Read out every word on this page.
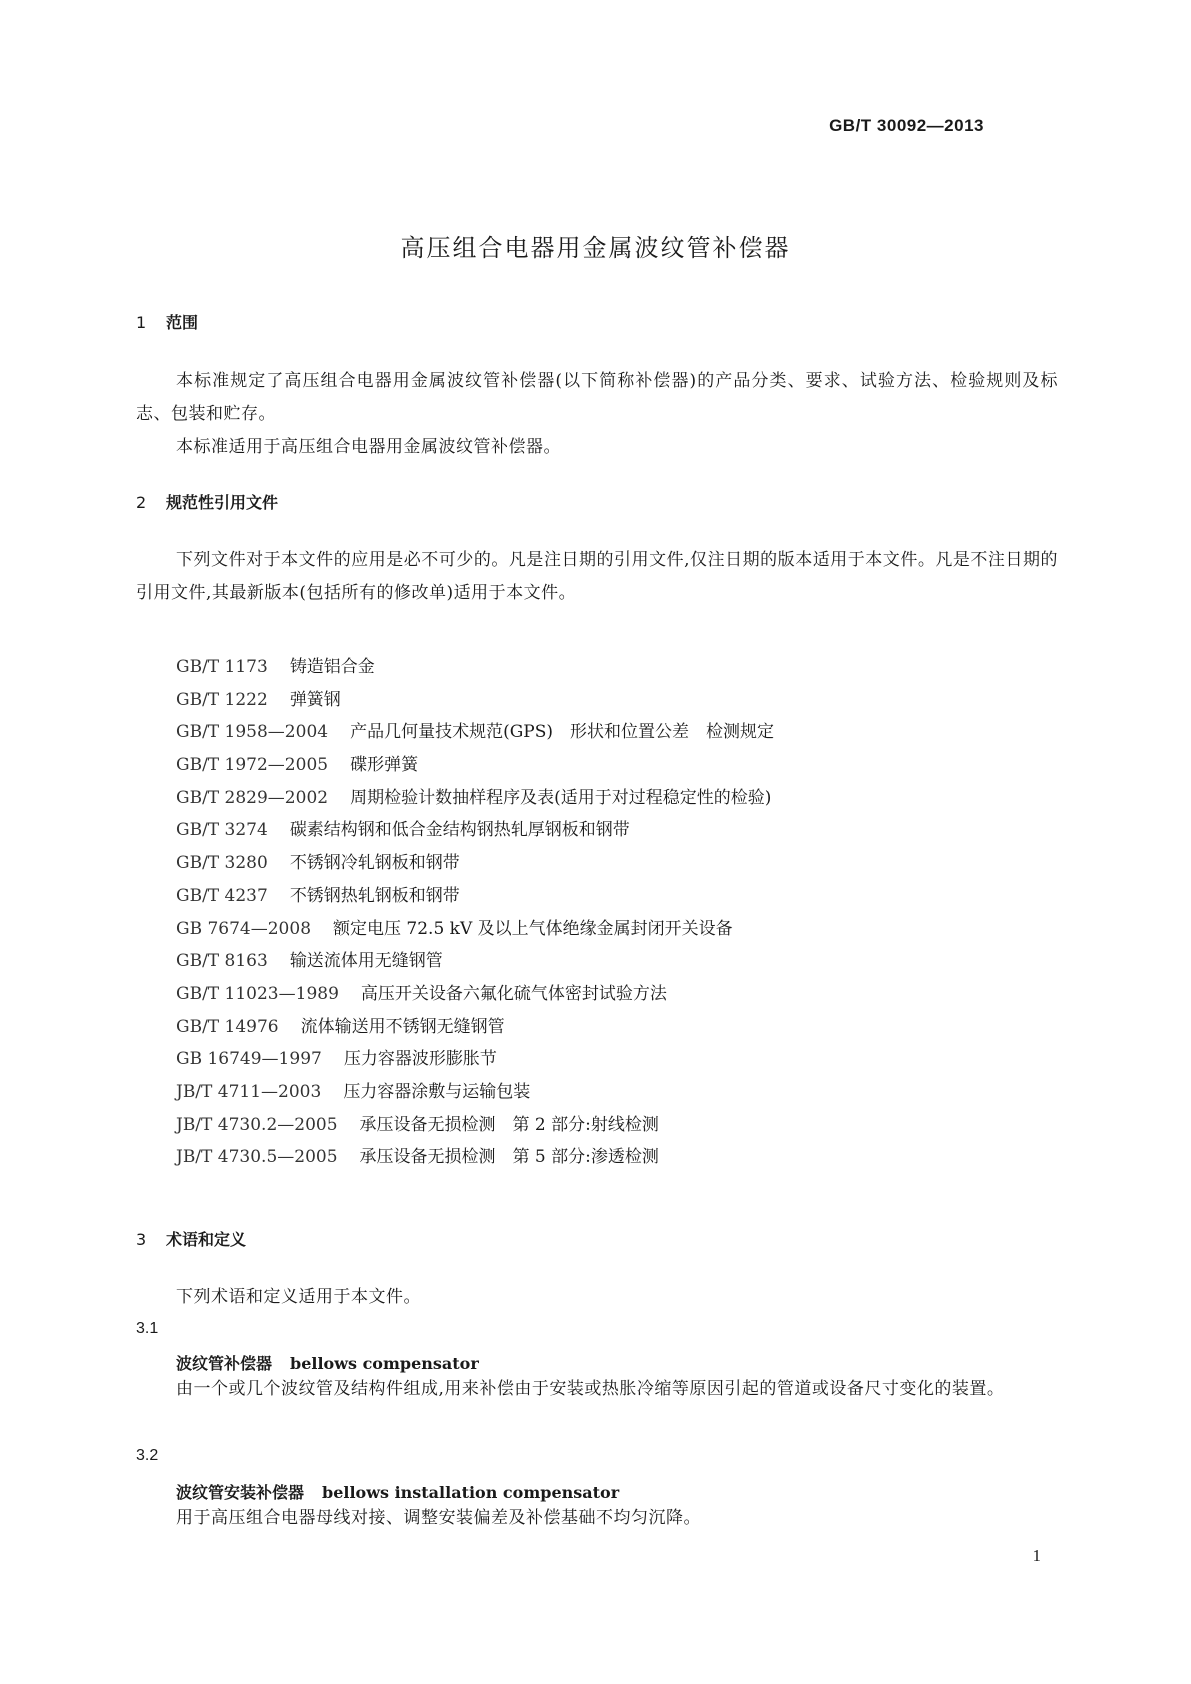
GB/T 30092—2013
高压组合电器用金属波纹管补偿器
1 范围
本标准规定了高压组合电器用金属波纹管补偿器(以下简称补偿器)的产品分类、要求、试验方法、检验规则及标志、包装和贮存。
本标准适用于高压组合电器用金属波纹管补偿器。
2 规范性引用文件
下列文件对于本文件的应用是必不可少的。凡是注日期的引用文件,仅注日期的版本适用于本文件。凡是不注日期的引用文件,其最新版本(包括所有的修改单)适用于本文件。
GB/T 1173 铸造铝合金
GB/T 1222 弹簧钢
GB/T 1958—2004 产品几何量技术规范(GPS)　形状和位置公差　检测规定
GB/T 1972—2005 碟形弹簧
GB/T 2829—2002 周期检验计数抽样程序及表(适用于对过程稳定性的检验)
GB/T 3274 碳素结构钢和低合金结构钢热轧厚钢板和钢带
GB/T 3280 不锈钢冷轧钢板和钢带
GB/T 4237 不锈钢热轧钢板和钢带
GB 7674—2008 额定电压 72.5 kV 及以上气体绝缘金属封闭开关设备
GB/T 8163 输送流体用无缝钢管
GB/T 11023—1989 高压开关设备六氟化硫气体密封试验方法
GB/T 14976 流体输送用不锈钢无缝钢管
GB 16749—1997 压力容器波形膨胀节
JB/T 4711—2003 压力容器涂敷与运输包装
JB/T 4730.2—2005 承压设备无损检测　第 2 部分:射线检测
JB/T 4730.5—2005 承压设备无损检测　第 5 部分:渗透检测
3 术语和定义
下列术语和定义适用于本文件。
3.1
波纹管补偿器 bellows compensator
由一个或几个波纹管及结构件组成,用来补偿由于安装或热胀冷缩等原因引起的管道或设备尺寸变化的装置。
3.2
波纹管安装补偿器 bellows installation compensator
用于高压组合电器母线对接、调整安装偏差及补偿基础不均匀沉降。
1
